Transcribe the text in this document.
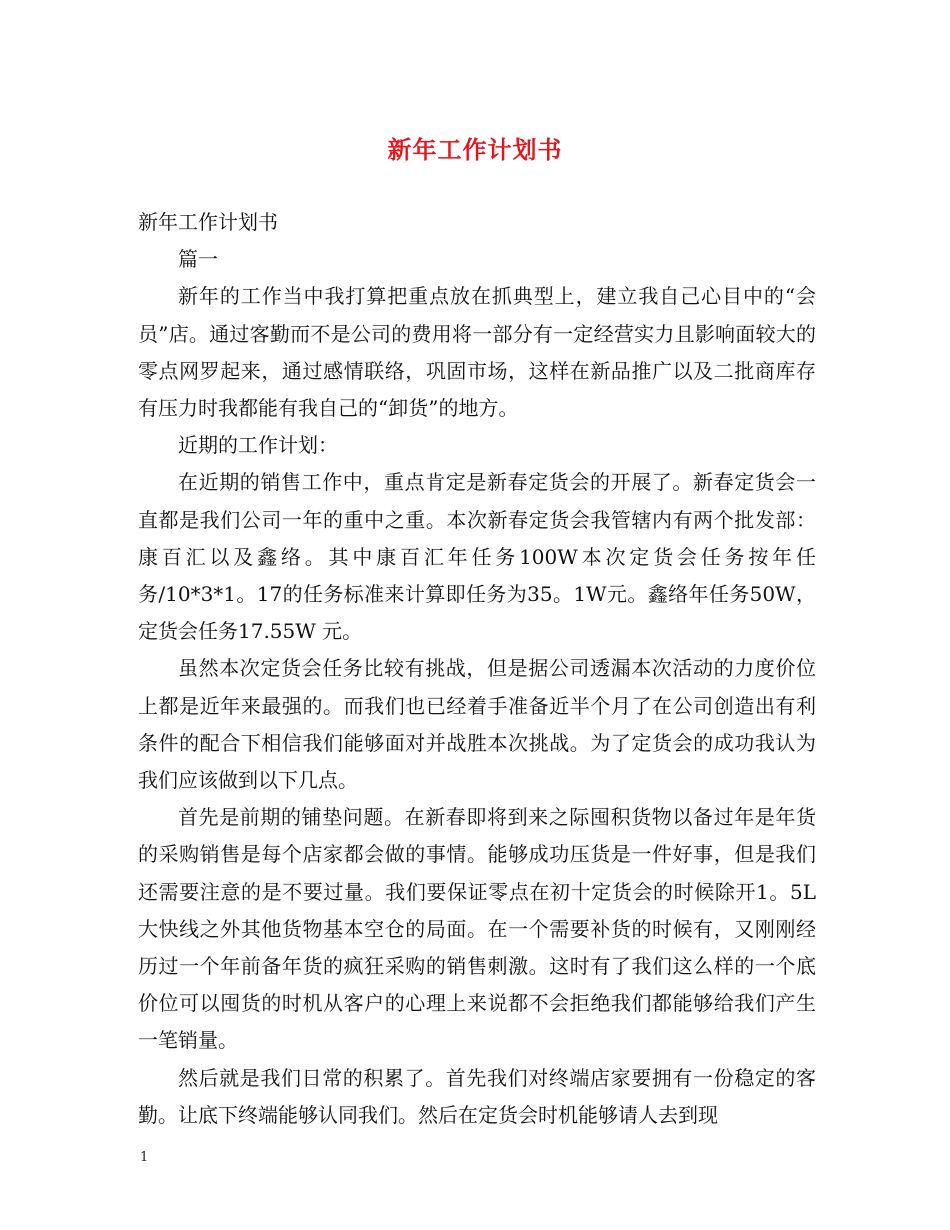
新年工作计划书

新年工作计划书

篇一

新年的工作当中我打算把重点放在抓典型上，建立我自己心目中的“会员”店。通过客勤而不是公司的费用将一部分有一定经营实力且影响面较大的零点网罗起来，通过感情联络，巩固市场，这样在新品推广以及二批商库存有压力时我都能有我自己的“卸货”的地方。

近期的工作计划：

在近期的销售工作中，重点肯定是新春定货会的开展了。新春定货会一直都是我们公司一年的重中之重。本次新春定货会我管辖内有两个批发部：康百汇以及鑫络。其中康百汇年任务100W本次定货会任务按年任务/10*3*1。17的任务标准来计算即任务为35。1W元。鑫络年任务50W，定货会任务17.55W 元。

虽然本次定货会任务比较有挑战，但是据公司透漏本次活动的力度价位上都是近年来最强的。而我们也已经着手准备近半个月了在公司创造出有利条件的配合下相信我们能够面对并战胜本次挑战。为了定货会的成功我认为我们应该做到以下几点。

首先是前期的铺垫问题。在新春即将到来之际囤积货物以备过年是年货的采购销售是每个店家都会做的事情。能够成功压货是一件好事，但是我们还需要注意的是不要过量。我们要保证零点在初十定货会的时候除开1。5L大快线之外其他货物基本空仓的局面。在一个需要补货的时候有，又刚刚经历过一个年前备年货的疯狂采购的销售刺激。这时有了我们这么样的一个底价位可以囤货的时机从客户的心理上来说都不会拒绝我们都能够给我们产生一笔销量。

然后就是我们日常的积累了。首先我们对终端店家要拥有一份稳定的客勤。让底下终端能够认同我们。然后在定货会时机能够请人去到现

1
